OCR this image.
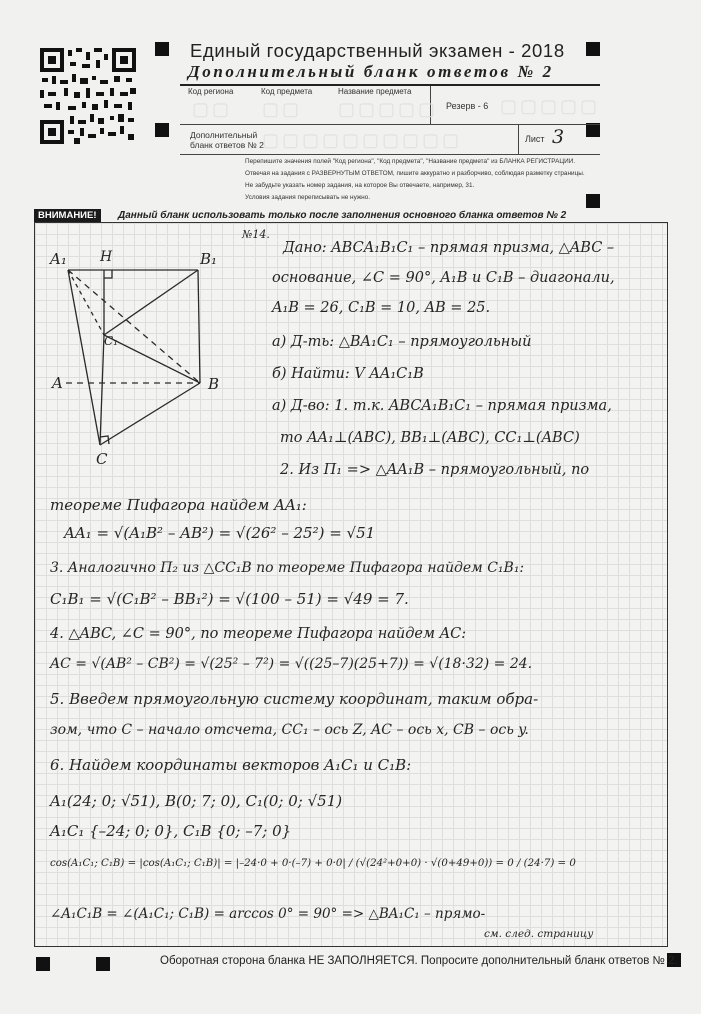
Единый государственный экзамен - 2018
Дополнительный бланк ответов № 2
Код региона	Код предмета	Название предмета
Резерв - 6
▢▢ ▢▢ ▢▢▢▢▢	▢▢▢▢▢
Дополнительный
бланк ответов № 2
▢▢▢▢▢▢▢▢▢▢	Лист 3
Перепишите значения полей "Код региона", "Код предмета", "Название предмета" из БЛАНКА РЕГИСТРАЦИИ.
Отвечая на задания с РАЗВЕРНУТЫМ ОТВЕТОМ, пишите аккуратно и разборчиво, соблюдая разметку страницы.
Не забудьте указать номер задания, на которое Вы отвечаете, например, 31.
Условия задания переписывать не нужно.
ВНИМАНИЕ!	Данный бланк использовать только после заполнения основного бланка ответов № 2
A₁ H	B₁
C₁
A	B
C
№14.
Дано: ABCA₁B₁C₁ – прямая призма, △ABC –
основание, ∠C = 90°, A₁B и C₁B – диагонали,
A₁B = 26, C₁B = 10, AB = 25.
а) Д-ть: △BA₁C₁ – прямоугольный
б) Найти: V AA₁C₁B
а) Д-во: 1. т.к. ABCA₁B₁C₁ – прямая призма,
то AA₁⊥(ABC), BB₁⊥(ABC), CC₁⊥(ABC)
2. Из П₁ => △AA₁B – прямоугольный, по
теореме Пифагора найдем AA₁:
AA₁ = √(A₁B² – AB²) = √(26² – 25²) = √51
3. Аналогично П₂ из △CC₁B по теореме Пифагора найдем C₁B₁:
C₁B₁ = √(C₁B² – BB₁²) = √(100 – 51) = √49 = 7.
4. △ABC, ∠C = 90°, по теореме Пифагора найдем AC:
AC = √(AB² – CB²) = √(25² – 7²) = √((25–7)(25+7)) = √(18·32) = 24.
5. Введем прямоугольную систему координат, таким обра-
зом, что C – начало отсчета, CC₁ – ось Z, AC – ось x, CB – ось y.
6. Найдем координаты векторов A₁C₁ и C₁B:
A₁(24; 0; √51), B(0; 7; 0), C₁(0; 0; √51)
A₁C₁ {–24; 0; 0}, C₁B {0; –7; 0}
cos(A₁C₁; C₁B) = |cos(A₁C₁; C₁B)| = |–24·0 + 0·(–7) + 0·0| / (√(24²+0+0) · √(0+49+0)) = 0 / (24·7) = 0
∠A₁C₁B = ∠(A₁C₁; C₁B) = arccos 0° = 90° => △BA₁C₁ – прямо-
см. след. страницу
Оборотная сторона бланка НЕ ЗАПОЛНЯЕТСЯ. Попросите дополнительный бланк ответов № 2.
